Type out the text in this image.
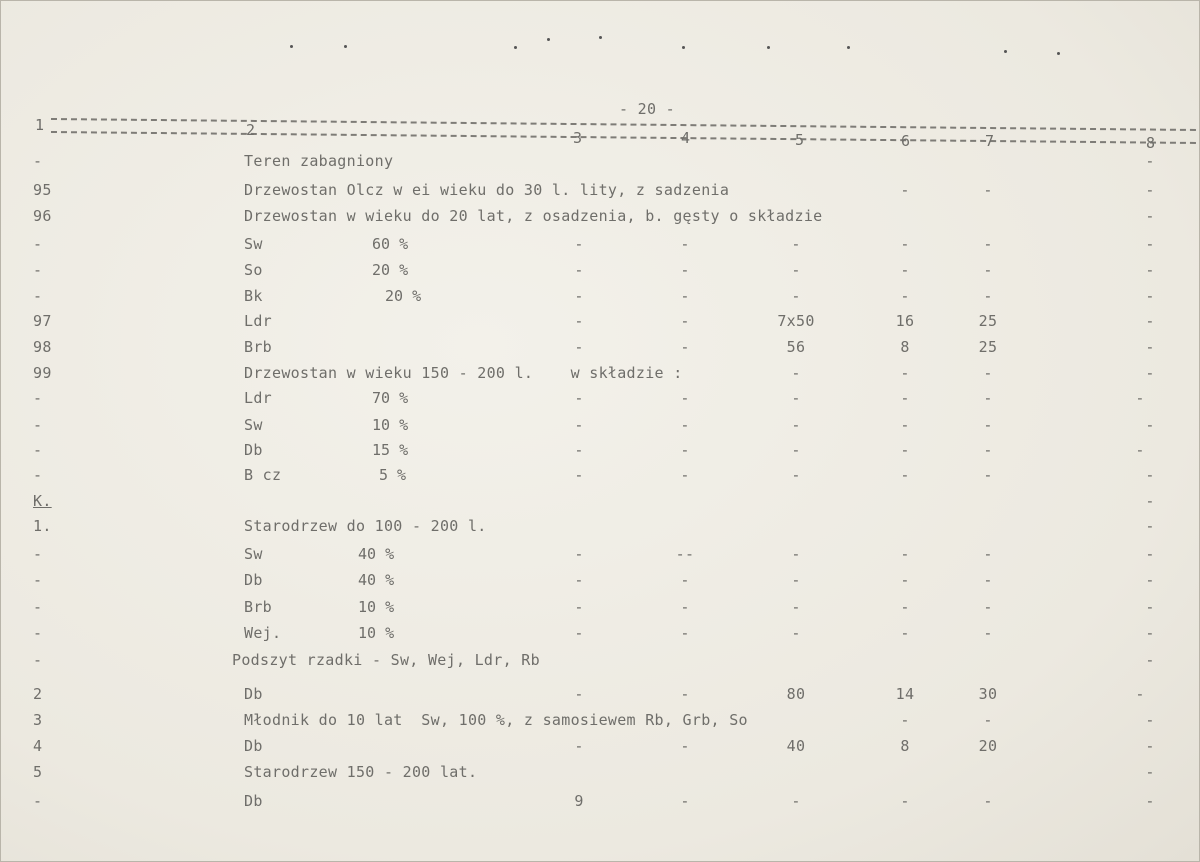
- 20 -
1	2	3	4	5	6	7	8
-	Teren zabagniony	-
95	Drzewostan Olcz w ei wieku do 30 l. lity, z sadzenia	-	-	-
96	Drzewostan w wieku do 20 lat, z osadzenia, b. gęsty o składzie	-
-	Sw	60 %	-	-	-	-	-	-
-	So	20 %	-	-	-	-	-	-
-	Bk	20 %	-	-	-	-	-	-
97	Ldr	-	-	7x50	16	25	-
98	Brb	-	-	56	8	25	-
99	Drzewostan w wieku 150 - 200 l.    w składzie :	-	-	-	-
-	Ldr	70 %	-	-	-	-	-	-
-	Sw	10 %	-	-	-	-	-	-
-	Db	15 %	-	-	-	-	-	-
-	B cz	5 %	-	-	-	-	-	-
K.	-
1.	Starodrzew do 100 - 200 l.	-
-	Sw	40 %	-	--	-	-	-	-
-	Db	40 %	-	-	-	-	-	-
-	Brb	10 %	-	-	-	-	-	-
-	Wej.	10 %	-	-	-	-	-	-
-	Podszyt rzadki - Sw, Wej, Ldr, Rb	-
2	Db	-	-	80	14	30	-
3	Młodnik do 10 lat  Sw, 100 %, z samosiewem Rb, Grb, So	-	-	-
4	Db	-	-	40	8	20	-
5	Starodrzew 150 - 200 lat.	-
-	Db	9	-	-	-	-	-
